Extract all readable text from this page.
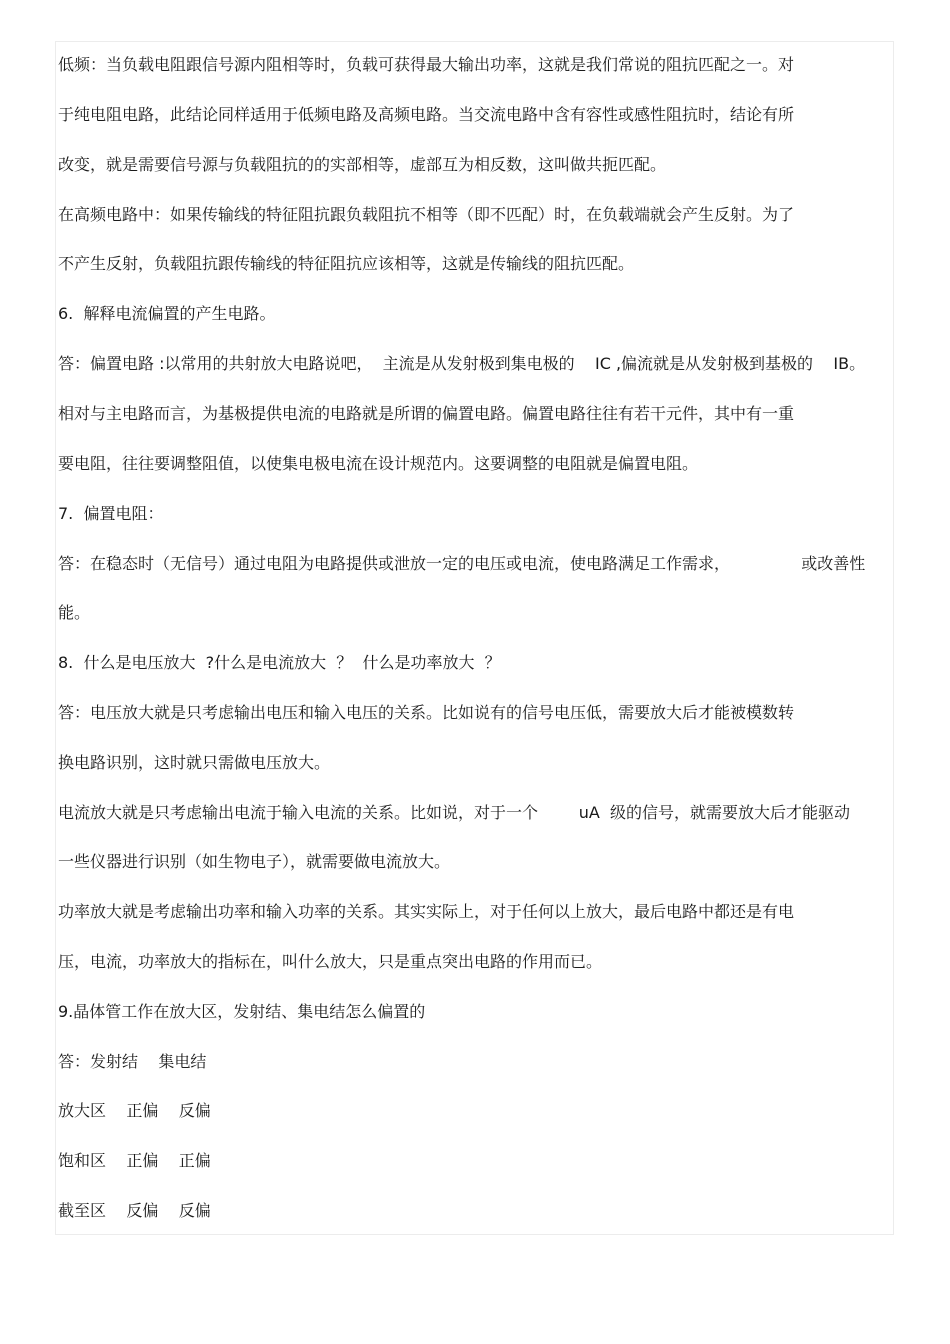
低频：当负载电阻跟信号源内阻相等时，负载可获得最大输出功率，这就是我们常说的阻抗匹配之一。对
于纯电阻电路，此结论同样适用于低频电路及高频电路。当交流电路中含有容性或感性阻抗时，结论有所
改变，就是需要信号源与负载阻抗的的实部相等，虚部互为相反数，这叫做共扼匹配。
在高频电路中：如果传输线的特征阻抗跟负载阻抗不相等（即不匹配）时，在负载端就会产生反射。为了
不产生反射，负载阻抗跟传输线的特征阻抗应该相等，这就是传输线的阻抗匹配。
6.  解释电流偏置的产生电路。
答：偏置电路 :以常用的共射放大电路说吧，  主流是从发射极到集电极的    IC ,偏流就是从发射极到基极的    IB。
相对与主电路而言，为基极提供电流的电路就是所谓的偏置电路。偏置电路往往有若干元件，其中有一重
要电阻，往往要调整阻值，以使集电极电流在设计规范内。这要调整的电阻就是偏置电阻。
7.  偏置电阻：
答：在稳态时（无信号）通过电阻为电路提供或泄放一定的电压或电流，使电路满足工作需求，              或改善性
能。
8.  什么是电压放大  ?什么是电流放大  ？  什么是功率放大  ？
答：电压放大就是只考虑输出电压和输入电压的关系。比如说有的信号电压低，需要放大后才能被模数转
换电路识别，这时就只需做电压放大。
电流放大就是只考虑输出电流于输入电流的关系。比如说，对于一个        uA  级的信号，就需要放大后才能驱动
一些仪器进行识别（如生物电子），就需要做电流放大。
功率放大就是考虑输出功率和输入功率的关系。其实实际上，对于任何以上放大，最后电路中都还是有电
压，电流，功率放大的指标在，叫什么放大，只是重点突出电路的作用而已。
9.晶体管工作在放大区，发射结、集电结怎么偏置的
答：发射结    集电结
放大区    正偏    反偏
饱和区    正偏    正偏
截至区    反偏    反偏
